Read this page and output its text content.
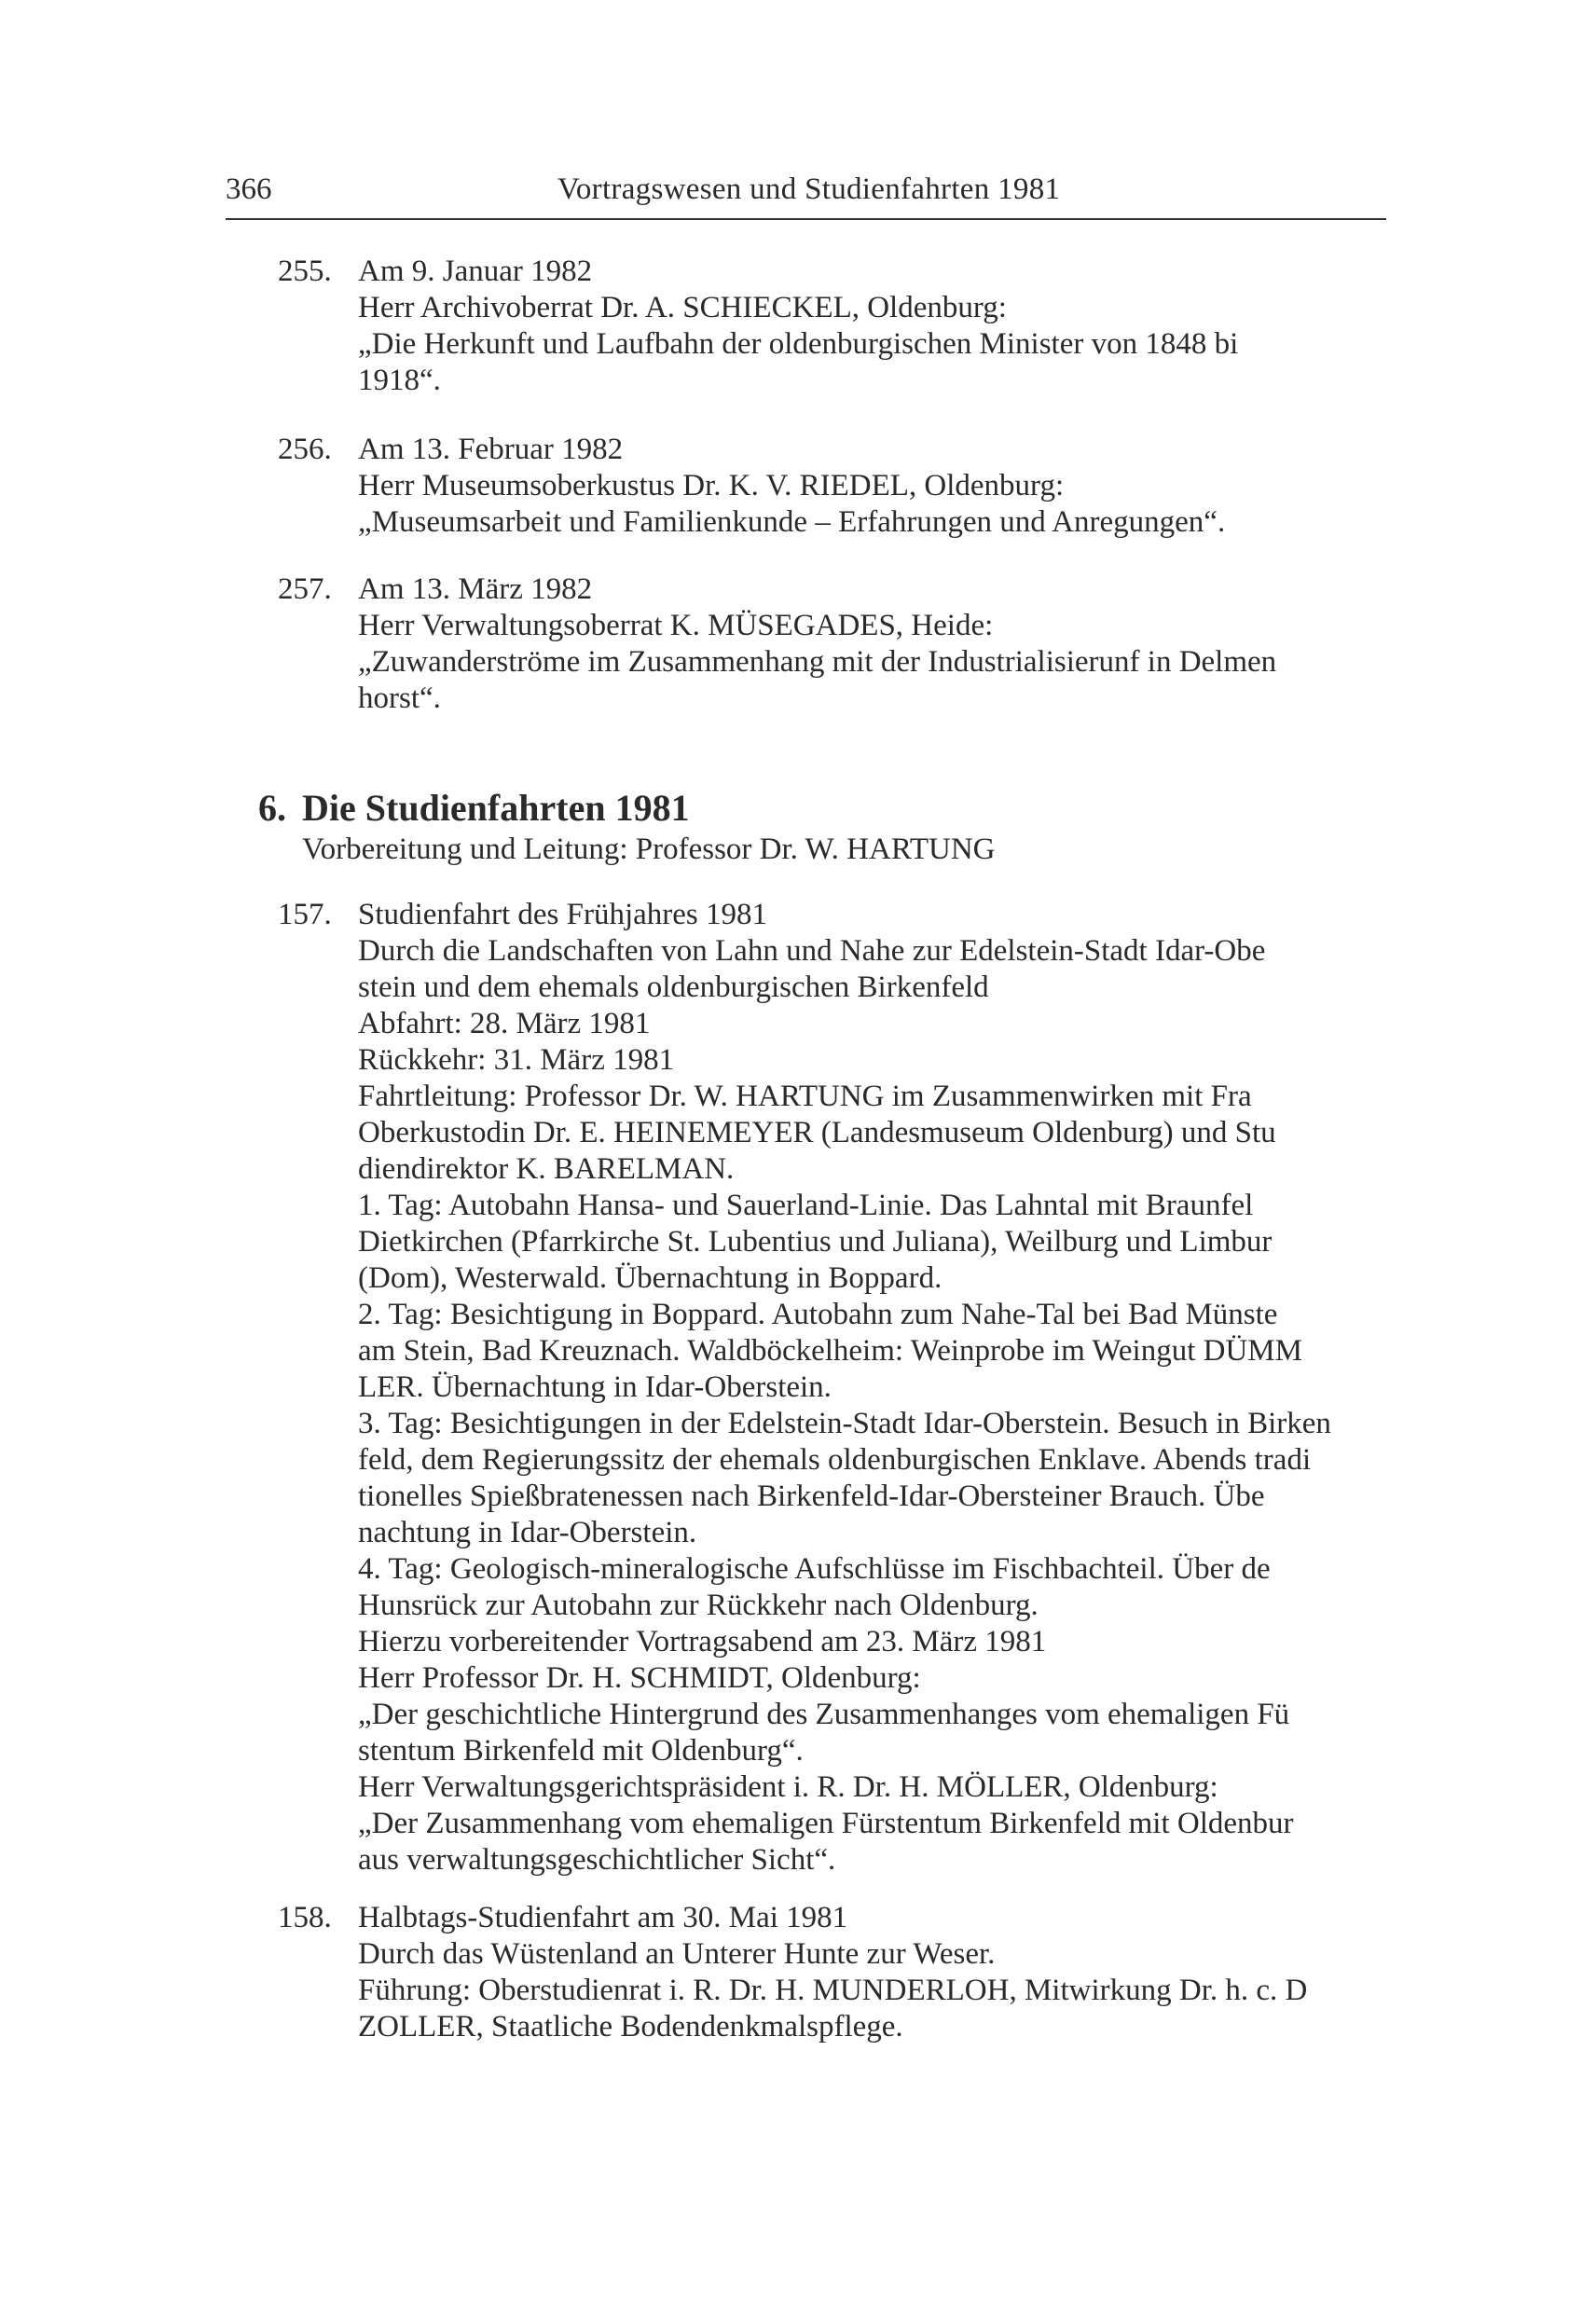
366	Vortragswesen und Studienfahrten 1981
255. Am 9. Januar 1982
Herr Archivoberrat Dr. A. SCHIECKEL, Oldenburg:
„Die Herkunft und Laufbahn der oldenburgischen Minister von 1848 bi
1918“.
256. Am 13. Februar 1982
Herr Museumsoberkustus Dr. K. V. RIEDEL, Oldenburg:
„Museumsarbeit und Familienkunde – Erfahrungen und Anregungen“.
257. Am 13. März 1982
Herr Verwaltungsoberrat K. MÜSEGADES, Heide:
„Zuwanderströme im Zusammenhang mit der Industrialisierunf in Delmen
horst“.
6. Die Studienfahrten 1981
Vorbereitung und Leitung: Professor Dr. W. HARTUNG
157. Studienfahrt des Frühjahres 1981
Durch die Landschaften von Lahn und Nahe zur Edelstein-Stadt Idar-Obe
stein und dem ehemals oldenburgischen Birkenfeld
Abfahrt: 28. März 1981
Rückkehr: 31. März 1981
Fahrtleitung: Professor Dr. W. HARTUNG im Zusammenwirken mit Fra
Oberkustodin Dr. E. HEINEMEYER (Landesmuseum Oldenburg) und Stu
diendirektor K. BARELMAN.
1. Tag: Autobahn Hansa- und Sauerland-Linie. Das Lahntal mit Braunfel
Dietkirchen (Pfarrkirche St. Lubentius und Juliana), Weilburg und Limbur
(Dom), Westerwald. Übernachtung in Boppard.
2. Tag: Besichtigung in Boppard. Autobahn zum Nahe-Tal bei Bad Münste
am Stein, Bad Kreuznach. Waldböckelheim: Weinprobe im Weingut DÜMM
LER. Übernachtung in Idar-Oberstein.
3. Tag: Besichtigungen in der Edelstein-Stadt Idar-Oberstein. Besuch in Birken
feld, dem Regierungssitz der ehemals oldenburgischen Enklave. Abends tradi
tionelles Spießbratenessen nach Birkenfeld-Idar-Obersteiner Brauch. Übe
nachtung in Idar-Oberstein.
4. Tag: Geologisch-mineralogische Aufschlüsse im Fischbachteil. Über de
Hunsrück zur Autobahn zur Rückkehr nach Oldenburg.
Hierzu vorbereitender Vortragsabend am 23. März 1981
Herr Professor Dr. H. SCHMIDT, Oldenburg:
„Der geschichtliche Hintergrund des Zusammenhanges vom ehemaligen Fü
stentum Birkenfeld mit Oldenburg“.
Herr Verwaltungsgerichtspräsident i. R. Dr. H. MÖLLER, Oldenburg:
„Der Zusammenhang vom ehemaligen Fürstentum Birkenfeld mit Oldenbur
aus verwaltungsgeschichtlicher Sicht“.
158. Halbtags-Studienfahrt am 30. Mai 1981
Durch das Wüstenland an Unterer Hunte zur Weser.
Führung: Oberstudienrat i. R. Dr. H. MUNDERLOH, Mitwirkung Dr. h. c. D
ZOLLER, Staatliche Bodendenkmalspflege.
